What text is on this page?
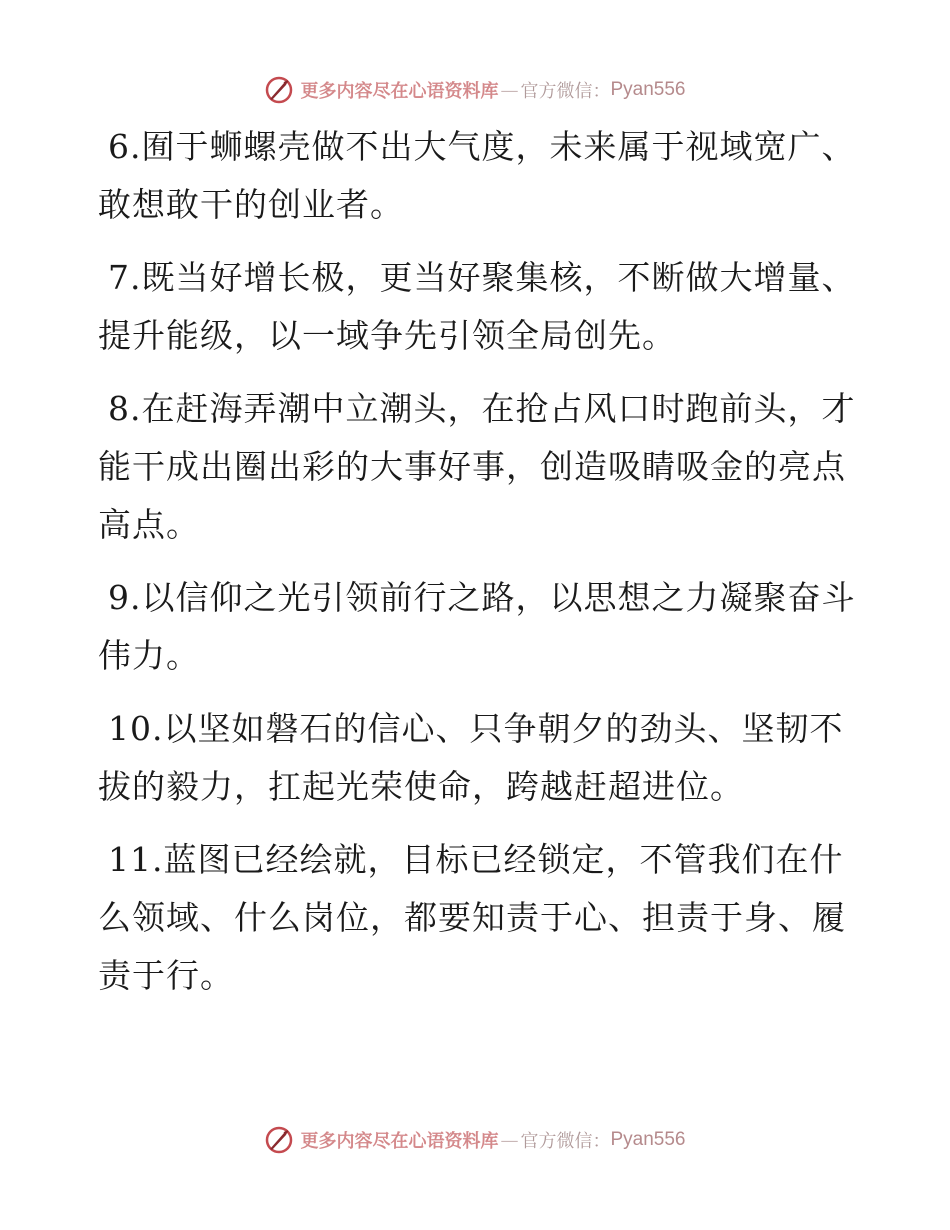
更多内容尽在心语资料库 — 官方微信： Pyan556

6.囿于蛳螺壳做不出大气度，未来属于视域宽广、敢想敢干的创业者。

7.既当好增长极，更当好聚集核，不断做大增量、提升能级，以一域争先引领全局创先。

8.在赶海弄潮中立潮头，在抢占风口时跑前头，才能干成出圈出彩的大事好事，创造吸睛吸金的亮点高点。

9.以信仰之光引领前行之路，以思想之力凝聚奋斗伟力。

10.以坚如磐石的信心、只争朝夕的劲头、坚韧不拔的毅力，扛起光荣使命，跨越赶超进位。

11.蓝图已经绘就，目标已经锁定，不管我们在什么领域、什么岗位，都要知责于心、担责于身、履责于行。

更多内容尽在心语资料库 — 官方微信： Pyan556
